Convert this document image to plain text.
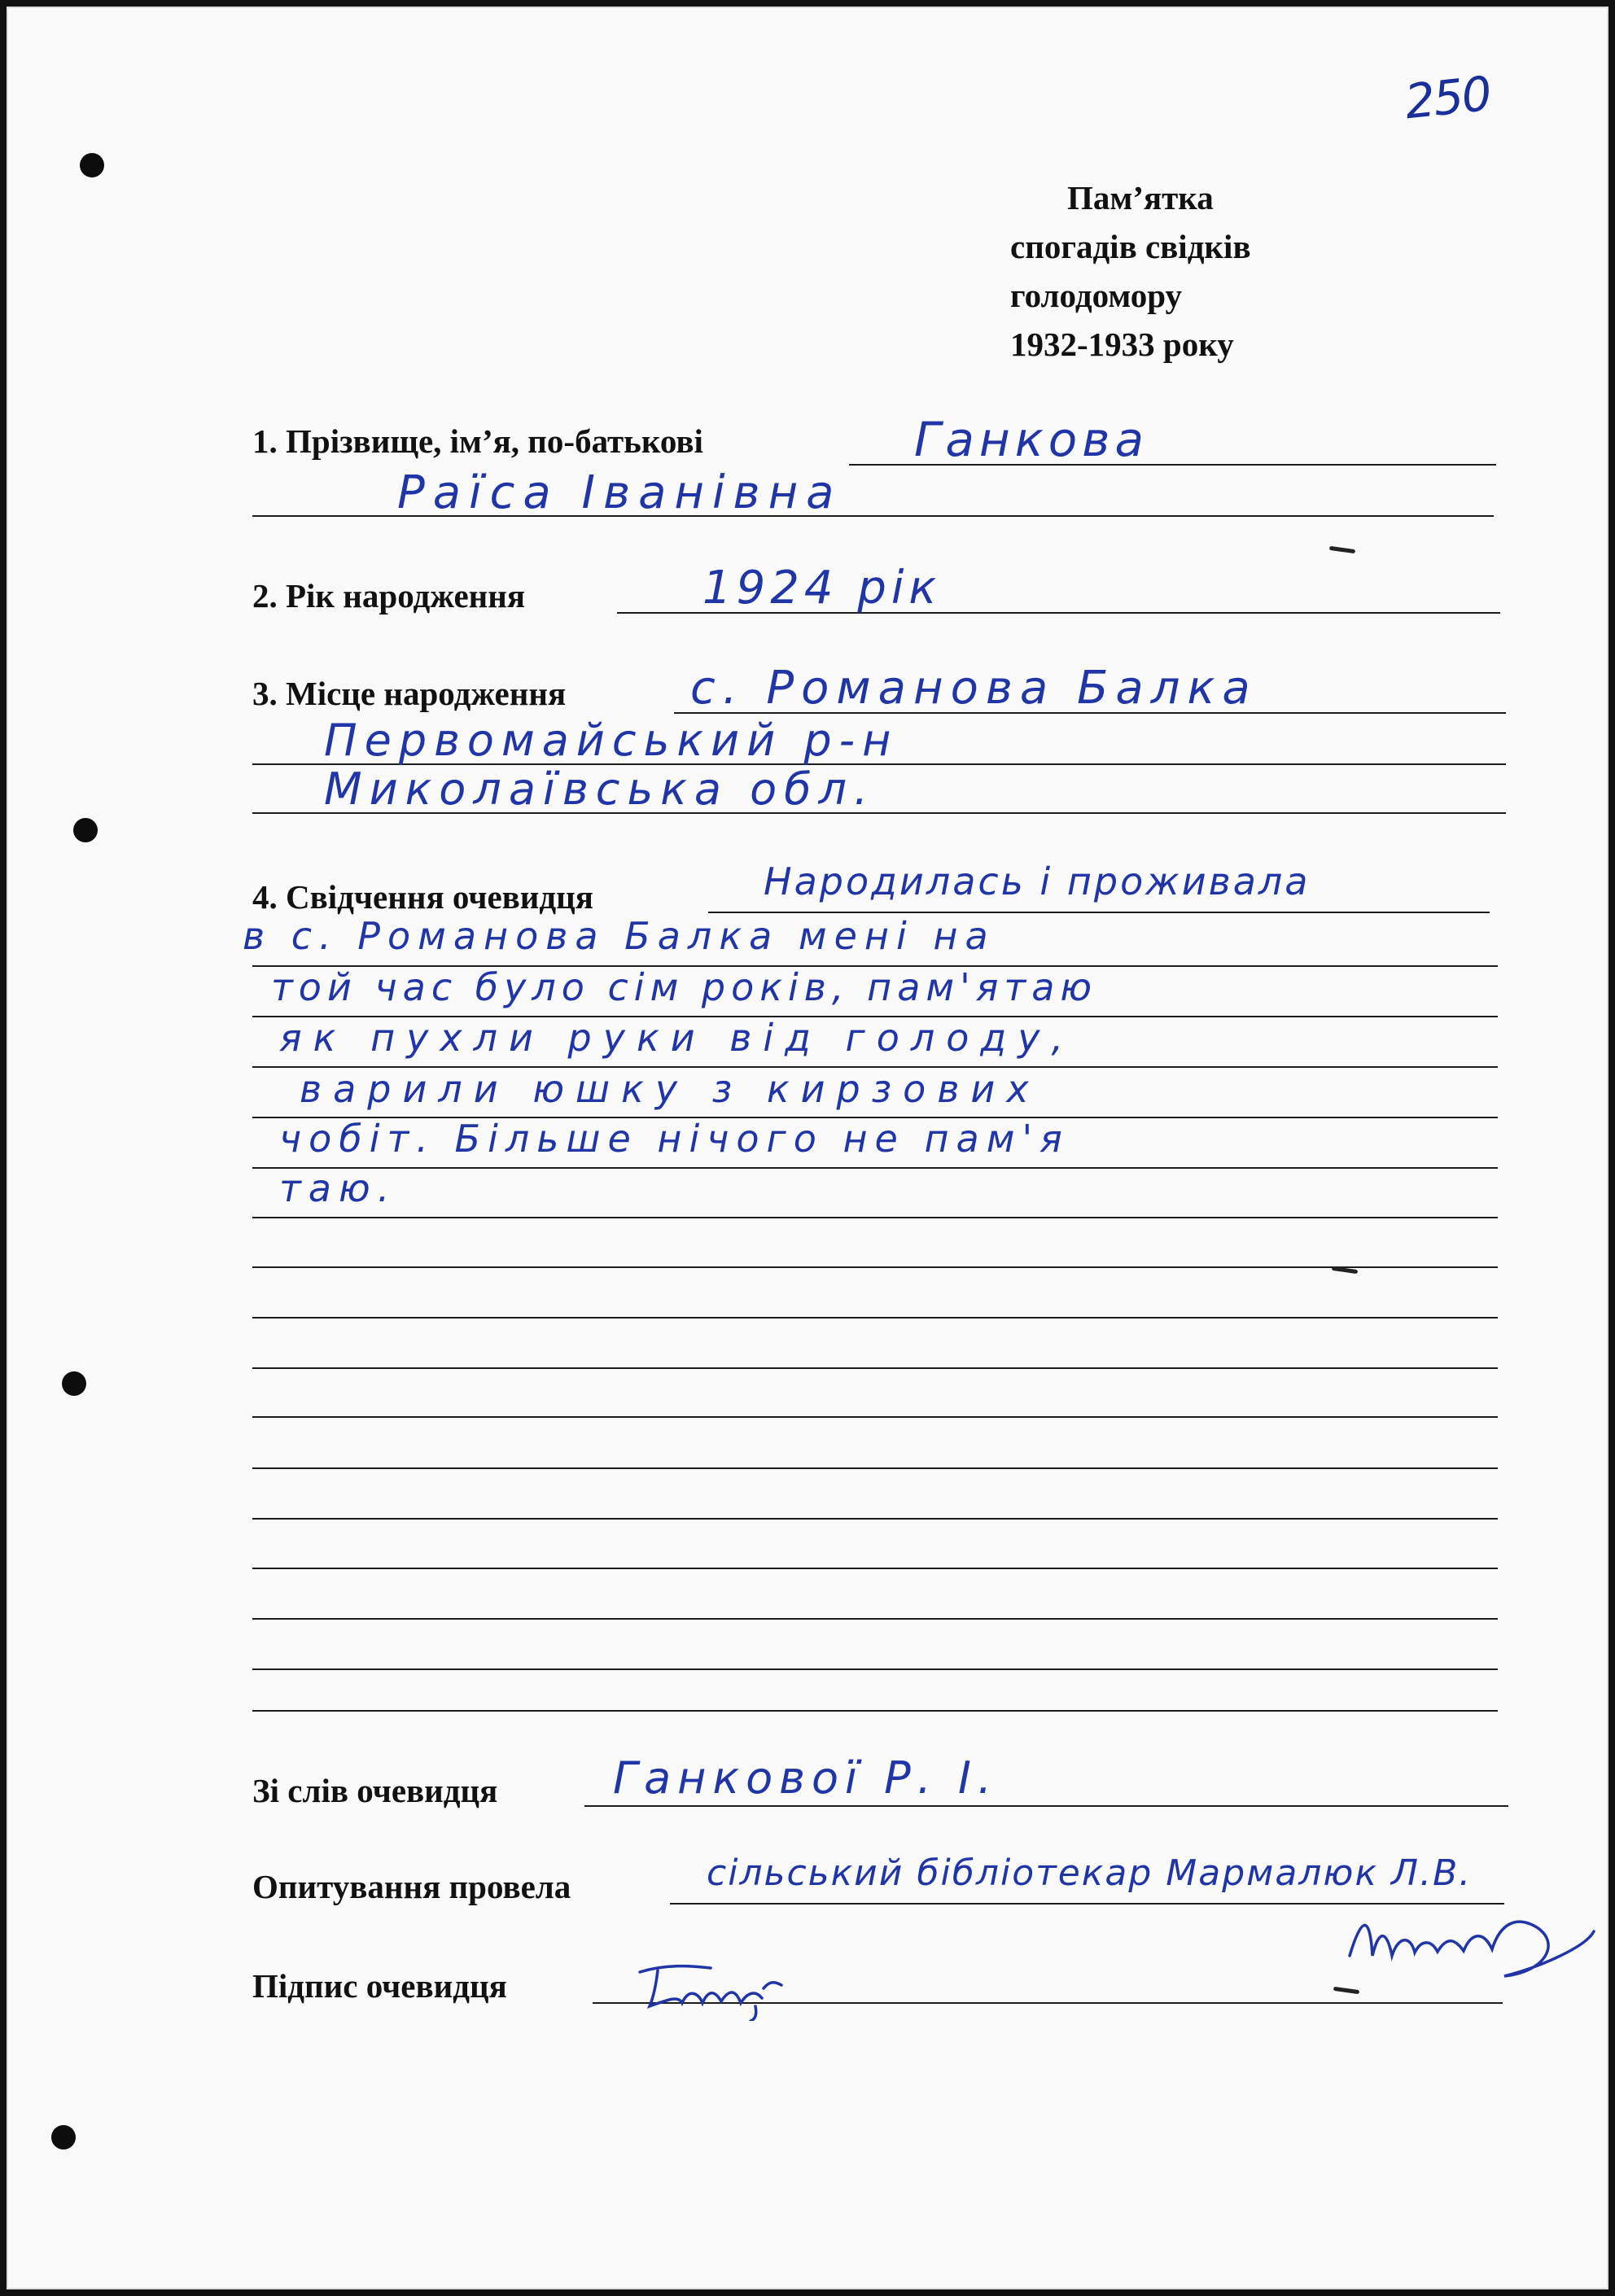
250
Пам’ятка
спогадів свідків
голодомору
1932-1933 року
1. Прізвище, ім’я, по-батькові	Ганкова
Раїса Іванівна
2. Рік народження	1924 рік
3. Місце народження	с. Романова Балка
Первомайський р-н
Миколаївська обл.
4. Свідчення очевидця	Народилась і проживала
в с. Романова Балка мені на
той час було сім років, пам'ятаю
як пухли руки від голоду,
варили юшку з кирзових
чобіт. Більше нічого не пам'я
таю.
Зі слів очевидця	Ганкової Р. І.
Опитування провела	сільський бібліотекар Мармалюк Л.В.
Підпис очевидця
